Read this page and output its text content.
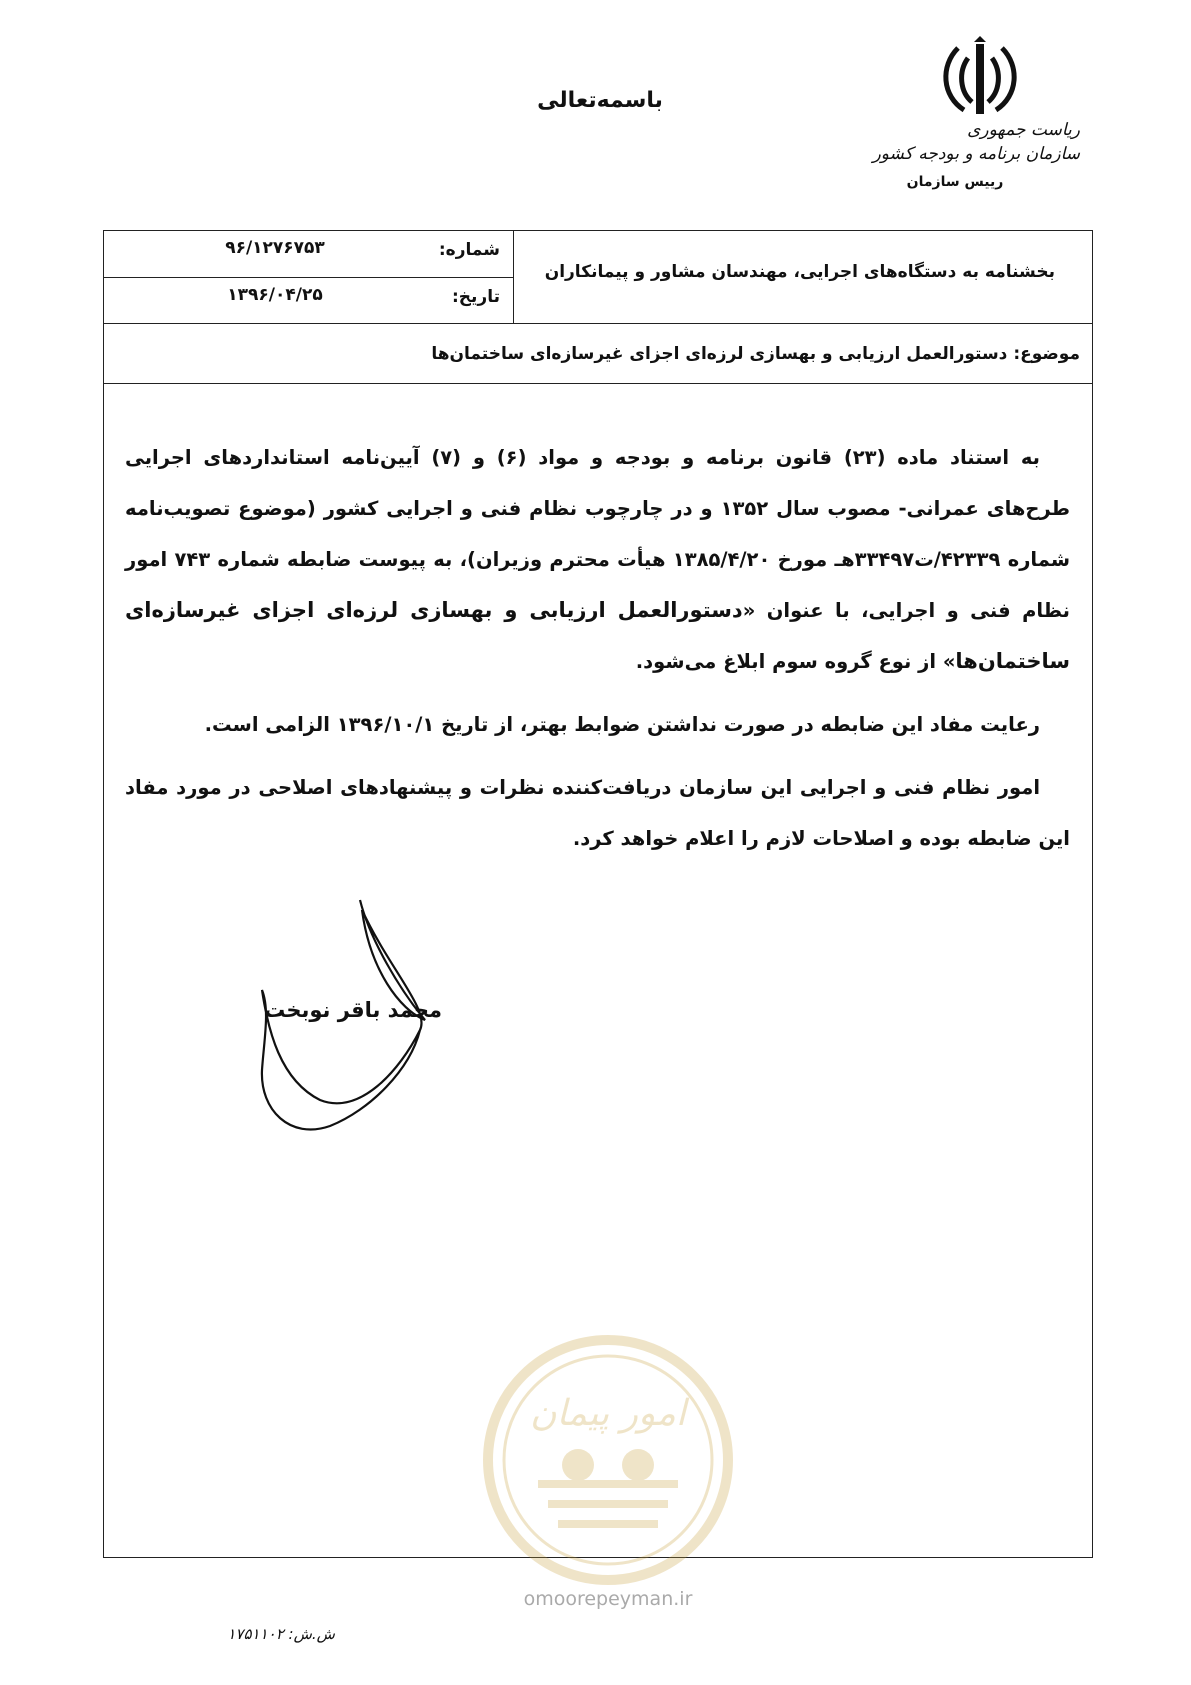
باسمه‌تعالی
ریاست جمهوری
سازمان برنامه و بودجه کشور
رییس سازمان
شماره:
۹۶/۱۲۷۶۷۵۳
تاریخ:
۱۳۹۶/۰۴/۲۵
بخشنامه به دستگاه‌های اجرایی، مهندسان مشاور و پیمانکاران
موضوع: دستورالعمل ارزیابی و بهسازی لرزه‌ای اجزای غیرسازه‌ای ساختمان‌ها

به استناد ماده (۲۳) قانون برنامه و بودجه و مواد (۶) و (۷) آیین‌نامه استانداردهای اجرایی طرح‌های عمرانی- مصوب سال ۱۳۵۲ و در چارچوب نظام فنی و اجرایی کشور (موضوع تصویب‌نامه شماره ۴۲۳۳۹/ت۳۳۴۹۷هـ مورخ ۱۳۸۵/۴/۲۰ هیأت محترم وزیران)، به پیوست ضابطه شماره ۷۴۳ امور نظام فنی و اجرایی، با عنوان «دستورالعمل ارزیابی و بهسازی لرزه‌ای اجزای غیرسازه‌ای ساختمان‌ها» از نوع گروه سوم ابلاغ می‌شود.

رعایت مفاد این ضابطه در صورت نداشتن ضوابط بهتر، از تاریخ ۱۳۹۶/۱۰/۱ الزامی است.

امور نظام فنی و اجرایی این سازمان دریافت‌کننده نظرات و پیشنهادهای اصلاحی در مورد مفاد این ضابطه بوده و اصلاحات لازم را اعلام خواهد کرد.

محمد باقر نوبخت
امور پیمان
omoorepeyman.ir
ش.ش: ۱۷۵۱۱۰۲
